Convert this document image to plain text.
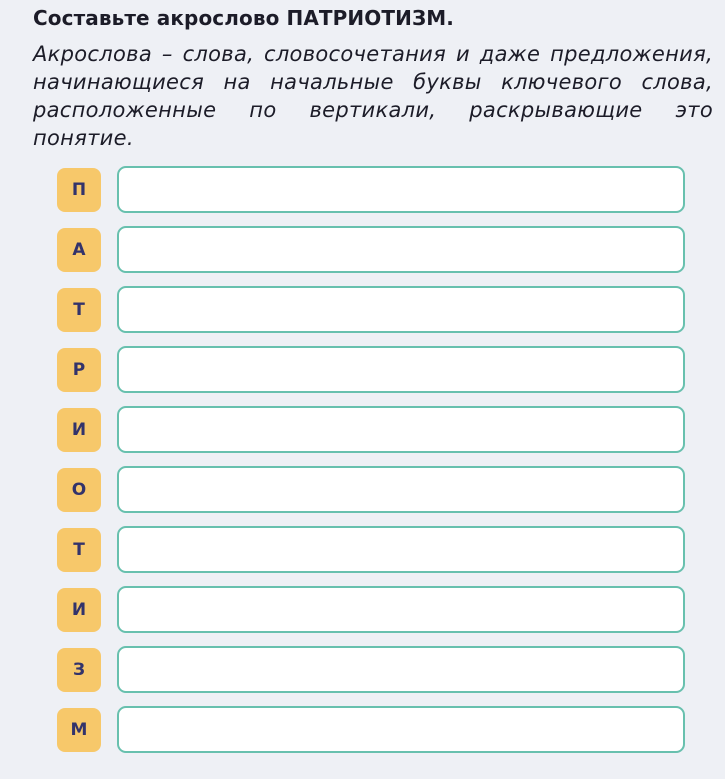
Составьте акрослово ПАТРИОТИЗМ.
Акрослова – слова, словосочетания и даже предложения, начинающиеся на начальные буквы ключевого слова, расположенные по вертикали, раскрывающие это понятие.
П
А
Т
Р
И
О
Т
И
З
М
